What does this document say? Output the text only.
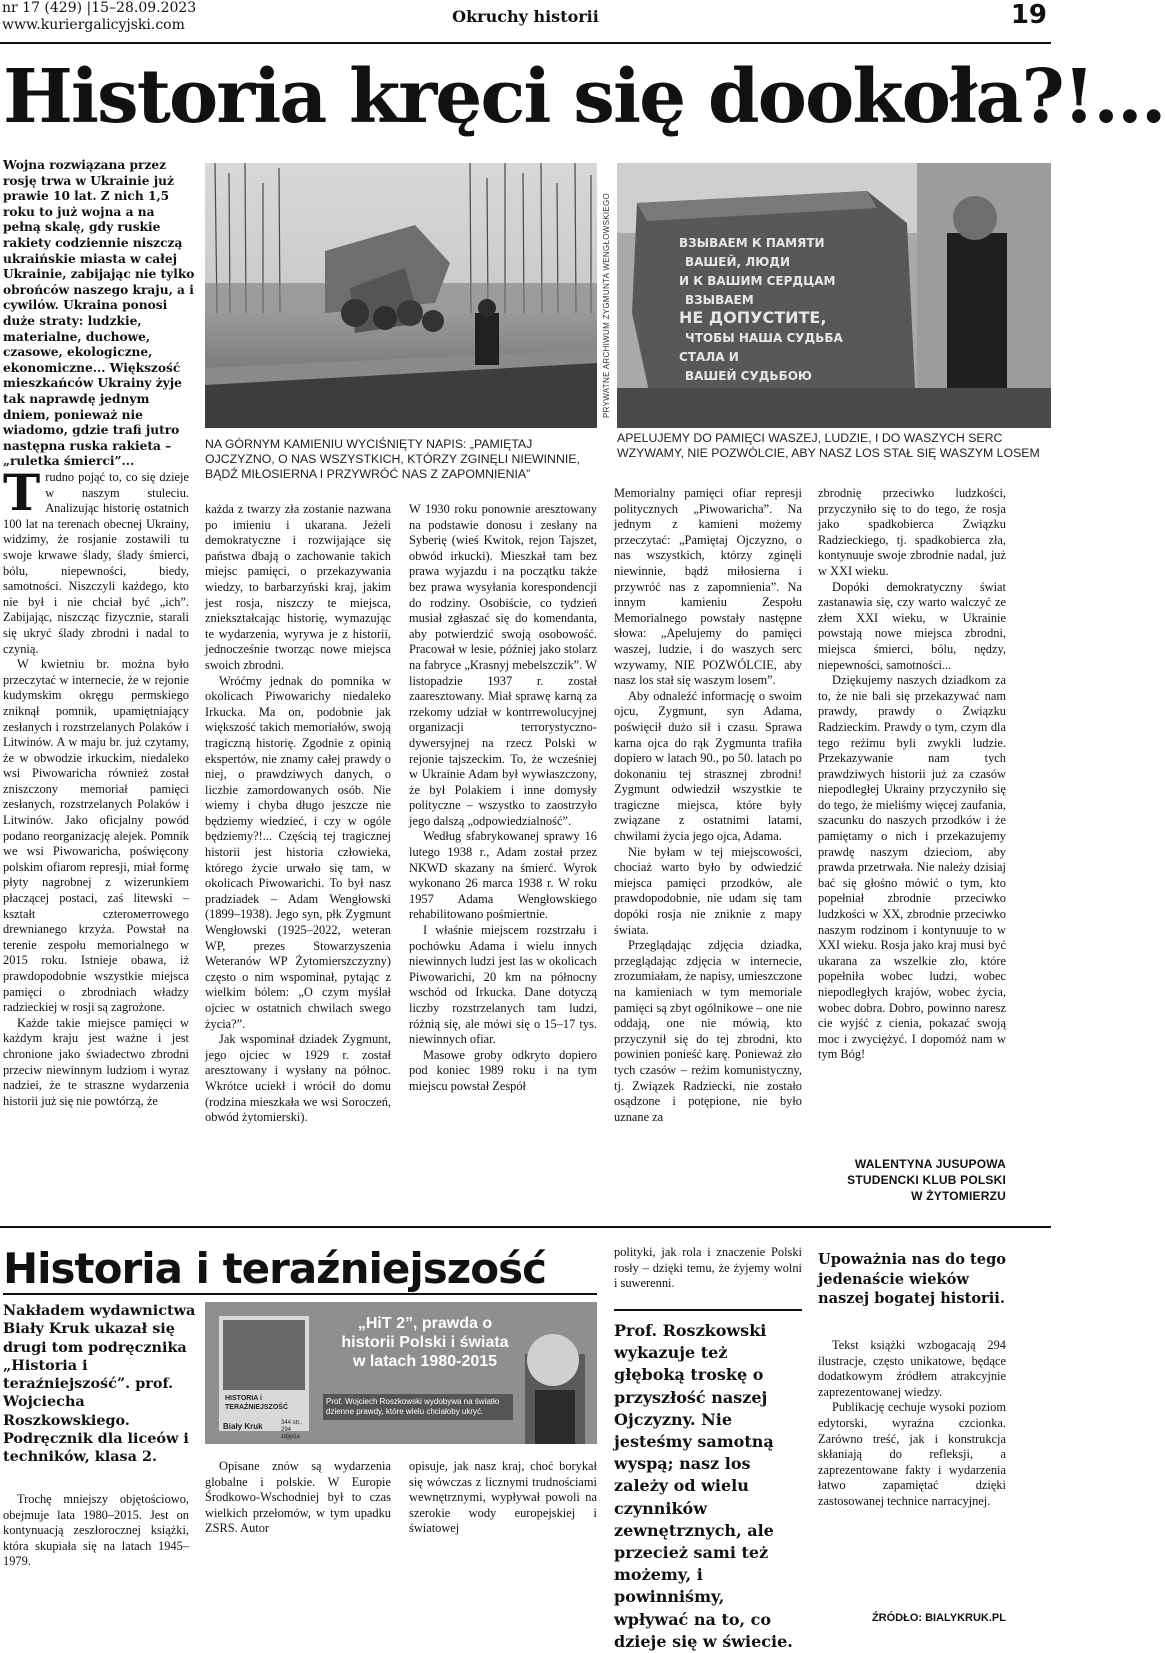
nr 17 (429) |15–28.09.2023
www.kuriergalicyjski.com	Okruchy historii	19
Historia kręci się dookoła?!...
Wojna rozwiązana przez rosję trwa w Ukrainie już prawie 10 lat. Z nich 1,5 roku to już wojna a na pełną skalę, gdy ruskie rakiety codziennie niszczą ukraińskie miasta w całej Ukrainie, zabijając nie tylko obrońców naszego kraju, a i cywilów. Ukraina ponosi duże straty: ludzkie, materialne, duchowe, czasowe, ekologiczne, ekonomiczne... Większość mieszkańców Ukrainy żyje tak naprawdę jednym dniem, ponieważ nie wiadomo, gdzie trafi jutro następna ruska rakieta – „ruletka śmierci”...
NA GÓRNYM KAMIENIU WYCIŚNIĘTY NAPIS: „PAMIĘTAJ OJCZYZNO, O NAS WSZYSTKICH, KTÓRZY ZGINĘLI NIEWINNIE, BĄDŹ MIŁOSIERNA I PRZYWRÓĆ NAS Z ZAPOMNIENIA”
PRYWATNE ARCHIWUM ZYGMUNTA WENGŁOWSKIEGO	ВЗЫВАЕМ К ПАМЯТИ
ВАШЕЙ, ЛЮДИ
И К ВАШИМ СЕРДЦАМ
ВЗЫВАЕМ
НЕ ДОПУСТИТЕ,
ЧТОБЫ НАША СУДЬБА
СТАЛА И
ВАШЕЙ СУДЬБОЮ
APELUJEMY DO PAMIĘCI WASZEJ, LUDZIE, I DO WASZYCH SERC WZYWAMY, NIE POZWÓLCIE, ABY NASZ LOS STAŁ SIĘ WASZYM LOSEM

Trudno pojąć to, co się dzieje w naszym stuleciu. Analizując historię ostatnich 100 lat na terenach obecnej Ukrainy, widzimy, że rosjanie zostawili tu swoje krwawe ślady, ślady śmierci, bólu, niepewności, biedy, samotności. Niszczyli każdego, kto nie był i nie chciał być „ich”. Zabijając, niszcząc fizycznie, starali się ukryć ślady zbrodni i nadal to czynią.

W kwietniu br. można było przeczytać w internecie, że w rejonie kudymskim okręgu permskiego zniknął pomnik, upamiętniający zesłanych i rozstrzelanych Polaków i Litwinów. A w maju br. już czytamy, że w obwodzie irkuckim, niedaleko wsi Piwowaricha również został zniszczony memoriał pamięci zesłanych, rozstrzelanych Polaków i Litwinów. Jako oficjalny powód podano reorganizację alejek. Pomnik we wsi Piwowaricha, poświęcony polskim ofiarom represji, miał formę płyty nagrobnej z wizerunkiem płaczącej postaci, zaś litewski – kształt czteroметrowego drewnianego krzyża. Powstał na terenie zespołu memorialnego w 2015 roku. Istnieje obawa, iż prawdopodobnie wszystkie miejsca pamięci o zbrodniach władzy radzieckiej w rosji są zagrożone.

Każde takie miejsce pamięci w każdym kraju jest ważne i jest chronione jako świadectwo zbrodni przeciw niewinnym ludziom i wyraz nadziei, że te straszne wydarzenia historii już się nie powtórzą, że

każda z twarzy zła zostanie nazwana po imieniu i ukarana. Jeżeli demokratyczne i rozwijające się państwa dbają o zachowanie takich miejsc pamięci, o przekazywania wiedzy, to barbarzyński kraj, jakim jest rosja, niszczy te miejsca, zniekształcając historię, wymazując te wydarzenia, wyrywa je z historii, jednocześnie tworząc nowe miejsca swoich zbrodni.

Wróćmy jednak do pomnika w okolicach Piwowarichy niedaleko Irkucka. Ma on, podobnie jak większość takich memoriałów, swoją tragiczną historię. Zgodnie z opinią ekspertów, nie znamy całej prawdy o niej, o prawdziwych danych, o liczbie zamordowanych osób. Nie wiemy i chyba długo jeszcze nie będziemy wiedzieć, i czy w ogóle będziemy?!... Częścią tej tragicznej historii jest historia człowieka, którego życie urwało się tam, w okolicach Piwowarichi. To był nasz pradziadek – Adam Wengłowski (1899–1938). Jego syn, płk Zygmunt Wengłowski (1925–2022, weteran WP, prezes Stowarzyszenia Weteranów WP Żytomierszczyzny) często o nim wspominał, pytając z wielkim bólem: „O czym myślał ojciec w ostatnich chwilach swego życia?”.

Jak wspominał dziadek Zygmunt, jego ojciec w 1929 r. został aresztowany i wysłany na północ. Wkrótce uciekł i wrócił do domu (rodzina mieszkała we wsi Soroczeń, obwód żytomierski).

W 1930 roku ponownie aresztowany na podstawie donosu i zesłany na Syberię (wieś Kwitok, rejon Tajszet, obwód irkucki). Mieszkał tam bez prawa wyjazdu i na początku także bez prawa wysyłania korespondencji do rodziny. Osobiście, co tydzień musiał zgłaszać się do komendanta, aby potwierdzić swoją osobowość. Pracował w lesie, później jako stolarz na fabryce „Krasnyj mebelszczik”. W listopadzie 1937 r. został zaaresztowany. Miał sprawę karną za rzekomy udział w kontrrewolucyjnej organizacji terrorystyczno-dywersyjnej na rzecz Polski w rejonie tajszeckim. To, że wcześniej w Ukrainie Adam był wywłaszczony, że był Polakiem i inne domysły polityczne – wszystko to zaostrzyło jego dalszą „odpowiedzialność”.

Według sfabrykowanej sprawy 16 lutego 1938 r., Adam został przez NKWD skazany na śmierć. Wyrok wykonano 26 marca 1938 r. W roku 1957 Adama Wengłowskiego rehabilitowano pośmiertnie.

I właśnie miejscem rozstrzału i pochówku Adama i wielu innych niewinnych ludzi jest las w okolicach Piwowarichi, 20 km na północny wschód od Irkucka. Dane dotyczą liczby rozstrzelanych tam ludzi, różnią się, ale mówi się o 15–17 tys. niewinnych ofiar.

Masowe groby odkryto dopiero pod koniec 1989 roku i na tym miejscu powstał Zespół

Memorialny pamięci ofiar represji politycznych „Piwowaricha”. Na jednym z kamieni możemy przeczytać: „Pamiętaj Ojczyzno, o nas wszystkich, którzy zginęli niewinnie, bądź miłosierna i przywróć nas z zapomnienia”. Na innym kamieniu Zespołu Memorialnego powstały następne słowa: „Apelujemy do pamięci waszej, ludzie, i do waszych serc wzywamy, NIE POZWÓLCIE, aby nasz los stał się waszym losem”.

Aby odnaleźć informację o swoim ojcu, Zygmunt, syn Adama, poświęcił dużo sił i czasu. Sprawa karna ojca do rąk Zygmunta trafiła dopiero w latach 90., po 50. latach po dokonaniu tej strasznej zbrodni! Zygmunt odwiedził wszystkie te tragiczne miejsca, które były związane z ostatnimi latami, chwilami życia jego ojca, Adama.

Nie byłam w tej miejscowości, chociaż warto było by odwiedzić miejsca pamięci przodków, ale prawdopodobnie, nie udam się tam dopóki rosja nie zniknie z mapy świata.

Przeglądając zdjęcia dziadka, przeglądając zdjęcia w internecie, zrozumiałam, że napisy, umieszczone na kamieniach w tym memoriale pamięci są zbyt ogólnikowe – one nie oddają, one nie mówią, kto przyczynił się do tej zbrodni, kto powinien ponieść karę. Ponieważ zło tych czasów – reżim komunistyczny, tj. Związek Radziecki, nie zostało osądzone i potępione, nie było uznane za

zbrodnię przeciwko ludzkości, przyczyniło się to do tego, że rosja jako spadkobierca Związku Radzieckiego, tj. spadkobierca zła, kontynuuje swoje zbrodnie nadal, już w XXI wieku.

Dopóki demokratyczny świat zastanawia się, czy warto walczyć ze złem XXI wieku, w Ukrainie powstają nowe miejsca zbrodni, miejsca śmierci, bólu, nędzy, niepewności, samotności...

Dziękujemy naszych dziadkom za to, że nie bali się przekazywać nam prawdy, prawdy o Związku Radzieckim. Prawdy o tym, czym dla tego reżimu byli zwykli ludzie. Przekazywanie nam tych prawdziwych historii już za czasów niepodległej Ukrainy przyczyniło się do tego, że mieliśmy więcej zaufania, szacunku do naszych przodków i że pamiętamy o nich i przekazujemy prawdę naszym dzieciom, aby prawda przetrwała. Nie należy dzisiaj bać się głośno mówić o tym, kto popełniał zbrodnie przeciwko ludzkości w XX, zbrodnie przeciwko naszym rodzinom i kontynuuje to w XXI wieku. Rosja jako kraj musi być ukarana za wszelkie zło, które popełniła wobec ludzi, wobec niepodległych krajów, wobec życia, wobec dobra. Dobro, powinno naresz cie wyjść z cienia, pokazać swoją moc i zwyciężyć. I dopomóż nam w tym Bóg!

WALENTYNA JUSUPOWA
STUDENCKI KLUB POLSKI
W ŻYTOMIERZU
Historia i teraźniejszość
Nakładem wydawnictwa Biały Kruk ukazał się drugi tom podręcznika „Historia i teraźniejszość”. prof. Wojciecha Roszkowskiego. Podręcznik dla liceów i techników, klasa 2.
HISTORIA i TERAŹNIEJSZOŚĆ
„HiT 2”, prawda o historii Polski i świata w latach 1980-2015
Prof. Wojciech Roszkowski wydobywa na światło dzienne prawdy, które wielu chciałoby ukryć.
Biały Kruk	344 str., 294 zdjęcia

Trochę mniejszy objętościowo, obejmuje lata 1980–2015. Jest on kontynuacją zeszłorocznej książki, która skupiała się na latach 1945–1979.

Opisane znów są wydarzenia globalne i polskie. W Europie Środkowo-Wschodniej był to czas wielkich przełomów, w tym upadku ZSRS. Autor

opisuje, jak nasz kraj, choć borykał się wówczas z licznymi trudnościami wewnętrznymi, wypływał powoli na szerokie wody europejskiej i światowej

polityki, jak rola i znaczenie Polski rosły – dzięki temu, że żyjemy wolni i suwerenni.

Prof. Roszkowski wykazuje też głęboką troskę o przyszłość naszej Ojczyzny. Nie jesteśmy samotną wyspą; nasz los zależy od wielu czynników zewnętrznych, ale przecież sami też możemy, i powinniśmy, wpływać na to, co dzieje się w świecie.
Upoważnia nas do tego jedenaście wieków naszej bogatej historii.

Tekst książki wzbogacają 294 ilustracje, często unikatowe, będące dodatkowym źródłem atrakcyjnie zaprezentowanej wiedzy.

Publikację cechuje wysoki poziom edytorski, wyraźna czcionka. Zarówno treść, jak i konstrukcja skłaniają do refleksji, a zaprezentowane fakty i wydarzenia łatwo zapamiętać dzięki zastosowanej technice narracyjnej.

ŹRÓDŁO: BIALYKRUK.PL
